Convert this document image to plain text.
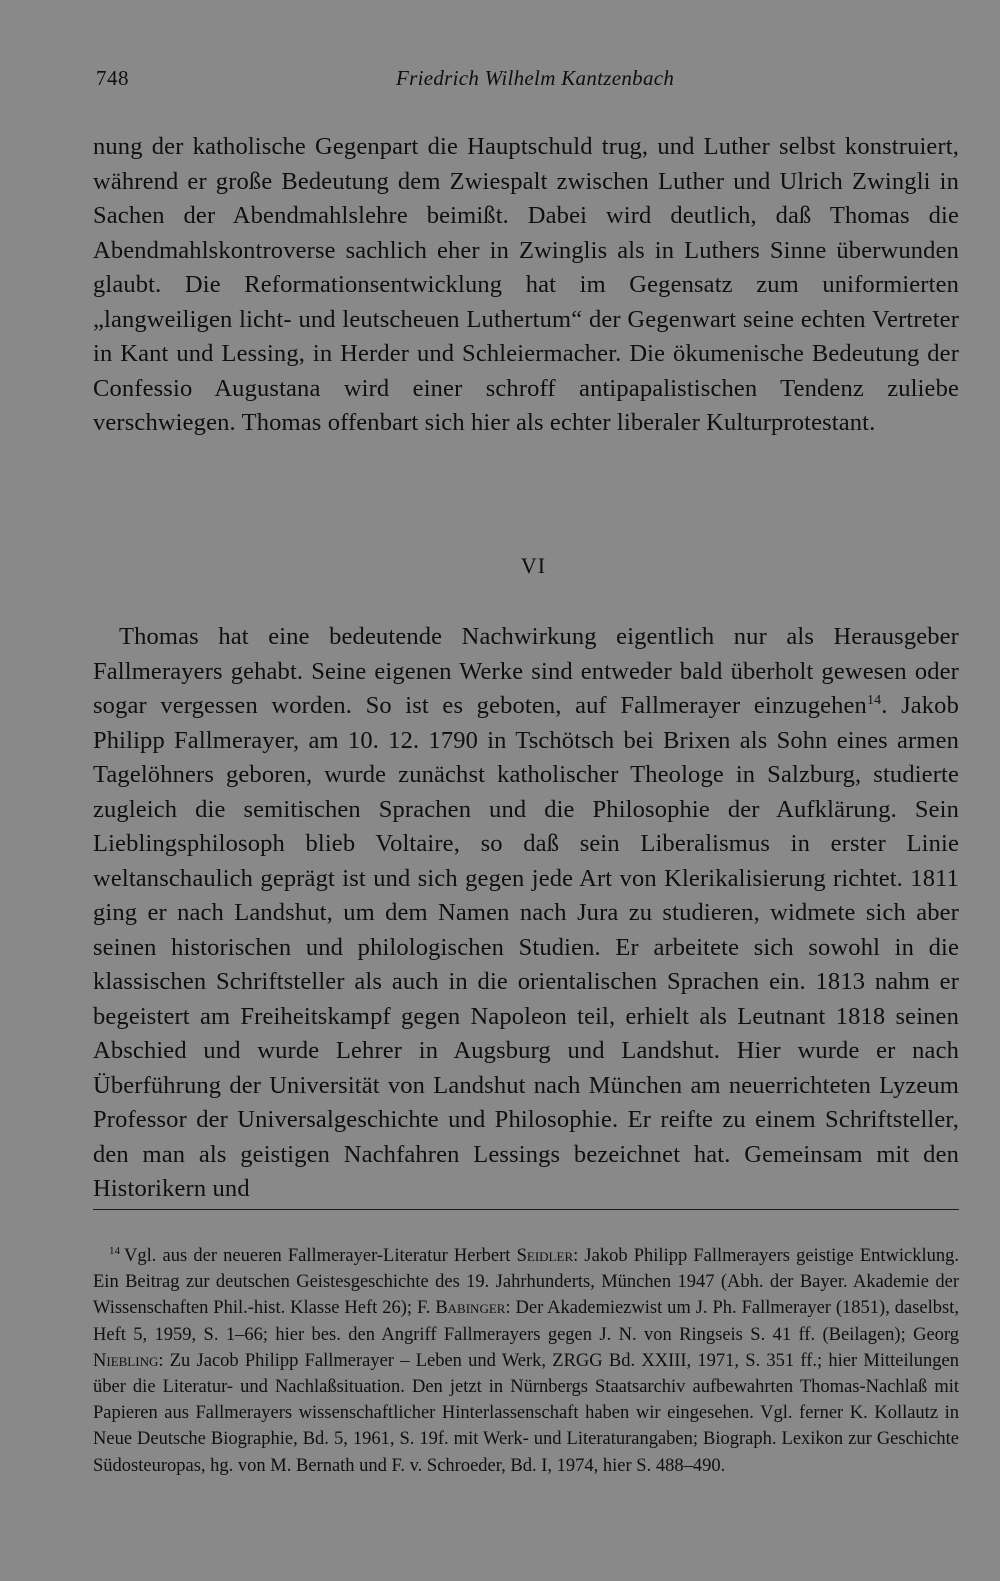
748	Friedrich Wilhelm Kantzenbach

nung der katholische Gegenpart die Hauptschuld trug, und Luther selbst konstruiert, während er große Bedeutung dem Zwiespalt zwischen Luther und Ulrich Zwingli in Sachen der Abendmahlslehre beimißt. Dabei wird deutlich, daß Thomas die Abendmahlskontroverse sachlich eher in Zwinglis als in Luthers Sinne überwunden glaubt. Die Reformationsentwicklung hat im Gegensatz zum uniformierten „langweiligen licht- und leutscheuen Luthertum“ der Gegenwart seine echten Vertreter in Kant und Lessing, in Herder und Schleiermacher. Die ökumenische Bedeutung der Confessio Augustana wird einer schroff antipapalistischen Tendenz zuliebe verschwiegen. Thomas offenbart sich hier als echter liberaler Kulturprotestant.

VI

Thomas hat eine bedeutende Nachwirkung eigentlich nur als Herausgeber Fallmerayers gehabt. Seine eigenen Werke sind entweder bald überholt gewesen oder sogar vergessen worden. So ist es geboten, auf Fallmerayer einzugehen$^{14}$. Jakob Philipp Fallmerayer, am 10. 12. 1790 in Tschötsch bei Brixen als Sohn eines armen Tagelöhners geboren, wurde zunächst katholischer Theologe in Salzburg, studierte zugleich die semitischen Sprachen und die Philosophie der Aufklärung. Sein Lieblingsphilosoph blieb Voltaire, so daß sein Liberalismus in erster Linie weltanschaulich geprägt ist und sich gegen jede Art von Klerikalisierung richtet. 1811 ging er nach Landshut, um dem Namen nach Jura zu studieren, widmete sich aber seinen historischen und philologischen Studien. Er arbeitete sich sowohl in die klassischen Schriftsteller als auch in die orientalischen Sprachen ein. 1813 nahm er begeistert am Freiheitskampf gegen Napoleon teil, erhielt als Leutnant 1818 seinen Abschied und wurde Lehrer in Augsburg und Landshut. Hier wurde er nach Überführung der Universität von Landshut nach München am neuerrichteten Lyzeum Professor der Universalgeschichte und Philosophie. Er reifte zu einem Schriftsteller, den man als geistigen Nachfahren Lessings bezeichnet hat. Gemeinsam mit den Historikern und

$^{14}$ Vgl. aus der neueren Fallmerayer-Literatur Herbert Seidler: Jakob Philipp Fallmerayers geistige Entwicklung. Ein Beitrag zur deutschen Geistesgeschichte des 19. Jahrhunderts, München 1947 (Abh. der Bayer. Akademie der Wissenschaften Phil.-hist. Klasse Heft 26); F. Babinger: Der Akademiezwist um J. Ph. Fallmerayer (1851), daselbst, Heft 5, 1959, S. 1–66; hier bes. den Angriff Fallmerayers gegen J. N. von Ringseis S. 41 ff. (Beilagen); Georg Niebling: Zu Jacob Philipp Fallmerayer – Leben und Werk, ZRGG Bd. XXIII, 1971, S. 351 ff.; hier Mitteilungen über die Literatur- und Nachlaßsituation. Den jetzt in Nürnbergs Staatsarchiv aufbewahrten Thomas-Nachlaß mit Papieren aus Fallmerayers wissenschaftlicher Hinterlassenschaft haben wir eingesehen. Vgl. ferner K. Kollautz in Neue Deutsche Biographie, Bd. 5, 1961, S. 19f. mit Werk- und Literaturangaben; Biograph. Lexikon zur Geschichte Südosteuropas, hg. von M. Bernath und F. v. Schroeder, Bd. I, 1974, hier S. 488–490.
